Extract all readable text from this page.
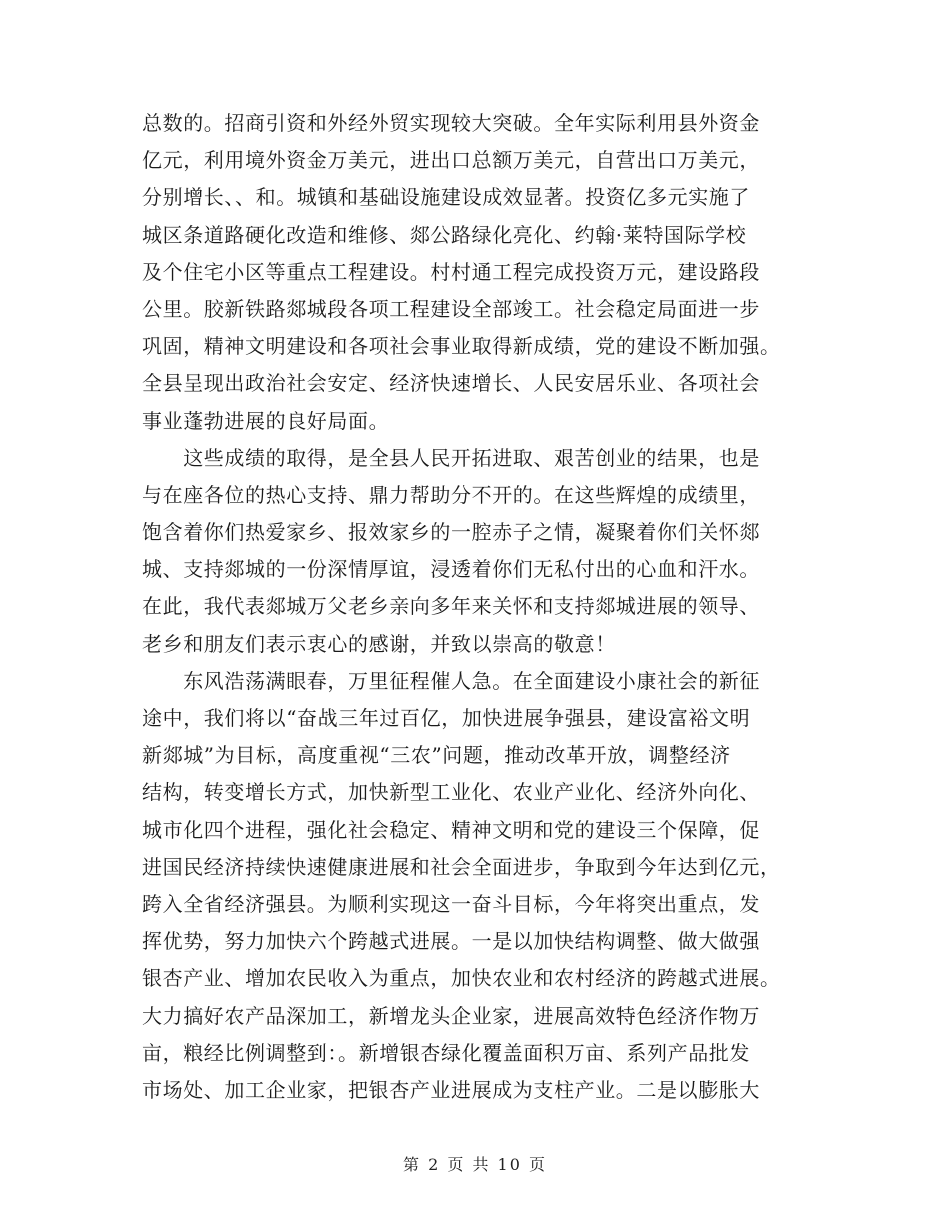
总数的。招商引资和外经外贸实现较大突破。全年实际利用县外资金
亿元，利用境外资金万美元，进出口总额万美元，自营出口万美元，
分别增长、、和。城镇和基础设施建设成效显著。投资亿多元实施了
城区条道路硬化改造和维修、郯公路绿化亮化、约翰·莱特国际学校
及个住宅小区等重点工程建设。村村通工程完成投资万元，建设路段
公里。胶新铁路郯城段各项工程建设全部竣工。社会稳定局面进一步
巩固，精神文明建设和各项社会事业取得新成绩，党的建设不断加强。
全县呈现出政治社会安定、经济快速增长、人民安居乐业、各项社会
事业蓬勃进展的良好局面。
　　这些成绩的取得，是全县人民开拓进取、艰苦创业的结果，也是
与在座各位的热心支持、鼎力帮助分不开的。在这些辉煌的成绩里，
饱含着你们热爱家乡、报效家乡的一腔赤子之情，凝聚着你们关怀郯
城、支持郯城的一份深情厚谊，浸透着你们无私付出的心血和汗水。
在此，我代表郯城万父老乡亲向多年来关怀和支持郯城进展的领导、
老乡和朋友们表示衷心的感谢，并致以崇高的敬意！
　　东风浩荡满眼春，万里征程催人急。在全面建设小康社会的新征
途中，我们将以“奋战三年过百亿，加快进展争强县，建设富裕文明
新郯城”为目标，高度重视“三农”问题，推动改革开放，调整经济
结构，转变增长方式，加快新型工业化、农业产业化、经济外向化、
城市化四个进程，强化社会稳定、精神文明和党的建设三个保障，促
进国民经济持续快速健康进展和社会全面进步，争取到今年达到亿元，
跨入全省经济强县。为顺利实现这一奋斗目标，今年将突出重点，发
挥优势，努力加快六个跨越式进展。一是以加快结构调整、做大做强
银杏产业、增加农民收入为重点，加快农业和农村经济的跨越式进展。
大力搞好农产品深加工，新增龙头企业家，进展高效特色经济作物万
亩，粮经比例调整到：。新增银杏绿化覆盖面积万亩、系列产品批发
市场处、加工企业家，把银杏产业进展成为支柱产业。二是以膨胀大
第 2 页 共 10 页
